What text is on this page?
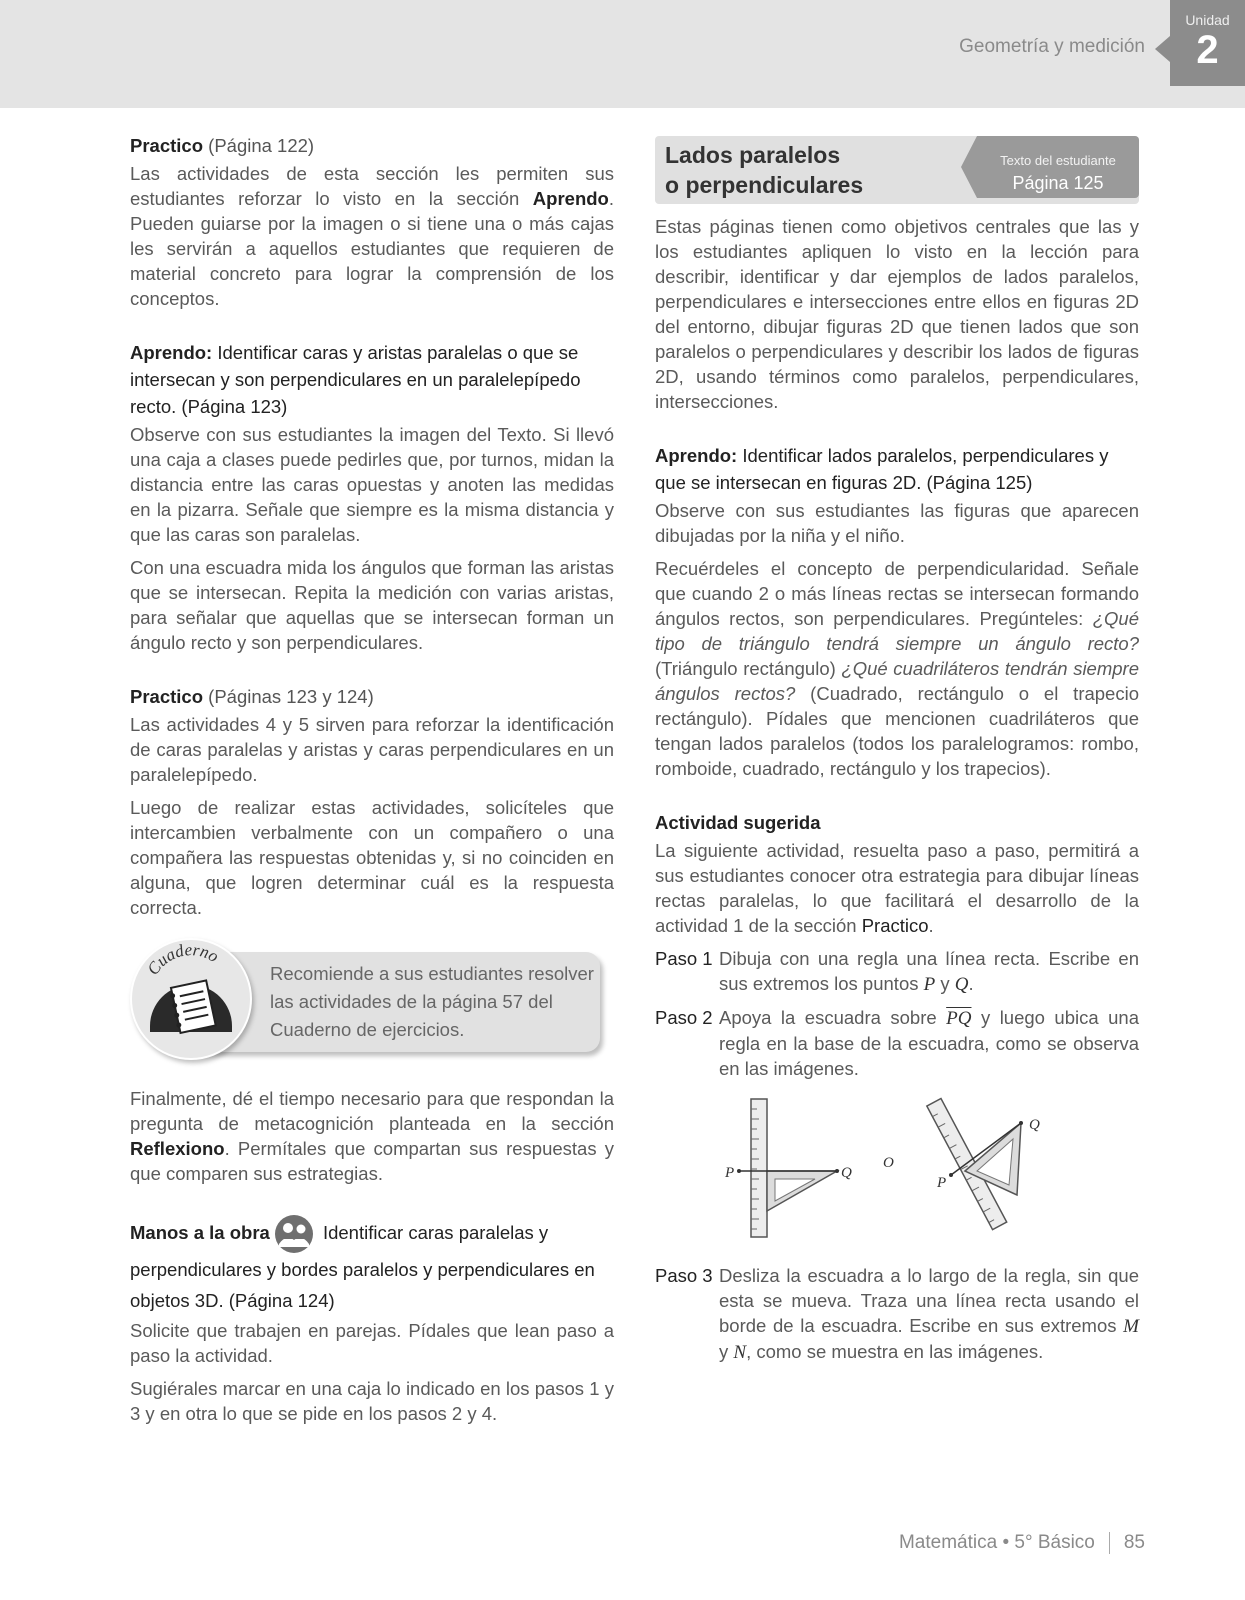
Geometría y medición
Unidad
2
Practico (Página 122)

Las actividades de esta sección les permiten sus estudiantes reforzar lo visto en la sección Aprendo. Pueden guiarse por la imagen o si tiene una o más cajas les servirán a aquellos estudiantes que requieren de material concreto para lograr la comprensión de los conceptos.

Aprendo: Identificar caras y aristas paralelas o que se intersecan y son perpendiculares en un paralelepípedo recto. (Página 123)

Observe con sus estudiantes la imagen del Texto. Si llevó una caja a clases puede pedirles que, por turnos, midan la distancia entre las caras opuestas y anoten las medidas en la pizarra. Señale que siempre es la misma distancia y que las caras son paralelas.

Con una escuadra mida los ángulos que forman las aristas que se intersecan. Repita la medición con varias aristas, para señalar que aquellas que se intersecan forman un ángulo recto y son perpendiculares.

Practico (Páginas 123 y 124)

Las actividades 4 y 5 sirven para reforzar la identificación de caras paralelas y aristas y caras perpendiculares en un paralelepípedo.

Luego de realizar estas actividades, solicíteles que intercambien verbalmente con un compañero o una compañera las respuestas obtenidas y, si no coinciden en alguna, que logren determinar cuál es la respuesta correcta.

Cuaderno
Recomiende a sus estudiantes resolver las actividades de la página 57 del Cuaderno de ejercicios.

Finalmente, dé el tiempo necesario para que respondan la pregunta de metacognición planteada en la sección Reflexiono. Permítales que compartan sus respuestas y que comparen sus estrategias.

Manos a la obra	Identificar caras paralelas y
perpendiculares y bordes paralelos y perpendiculares en objetos 3D. (Página 124)

Solicite que trabajen en parejas. Pídales que lean paso a paso la actividad.

Sugiérales marcar en una caja lo indicado en los pasos 1 y 3 y en otra lo que se pide en los pasos 2 y 4.

Lados paralelos
o perpendiculares
Texto del estudiante
Página 125

Estas páginas tienen como objetivos centrales que las y los estudiantes apliquen lo visto en la lección para describir, identificar y dar ejemplos de lados paralelos, perpendiculares e intersecciones entre ellos en figuras 2D del entorno, dibujar figuras 2D que tienen lados que son paralelos o perpendiculares y describir los lados de figuras 2D, usando términos como paralelos, perpendiculares, intersecciones.

Aprendo: Identificar lados paralelos, perpendiculares y que se intersecan en figuras 2D. (Página 125)

Observe con sus estudiantes las figuras que aparecen dibujadas por la niña y el niño.

Recuérdeles el concepto de perpendicularidad. Señale que cuando 2 o más líneas rectas se intersecan formando ángulos rectos, son perpendiculares. Pregúnteles: ¿Qué tipo de triángulo tendrá siempre un ángulo recto? (Triángulo rectángulo) ¿Qué cuadriláteros tendrán siempre ángulos rectos? (Cuadrado, rectángulo o el trapecio rectángulo). Pídales que mencionen cuadriláteros que tengan lados paralelos (todos los paralelogramos: rombo, romboide, cuadrado, rectángulo y los trapecios).

Actividad sugerida

La siguiente actividad, resuelta paso a paso, permitirá a sus estudiantes conocer otra estrategia para dibujar líneas rectas paralelas, lo que facilitará el desarrollo de la actividad 1 de la sección Practico.

Paso 1 Dibuja con una regla una línea recta. Escribe en sus extremos los puntos P y Q.
Paso 2 Apoya la escuadra sobre $\overline{PQ}$ y luego ubica una regla en la base de la escuadra, como se observa en las imágenes.
P	Q
O
P
Q
Paso 3 Desliza la escuadra a lo largo de la regla, sin que esta se mueva. Traza una línea recta usando el borde de la escuadra. Escribe en sus extremos M y N, como se muestra en las imágenes.
Matemática • 5° Básico 85
